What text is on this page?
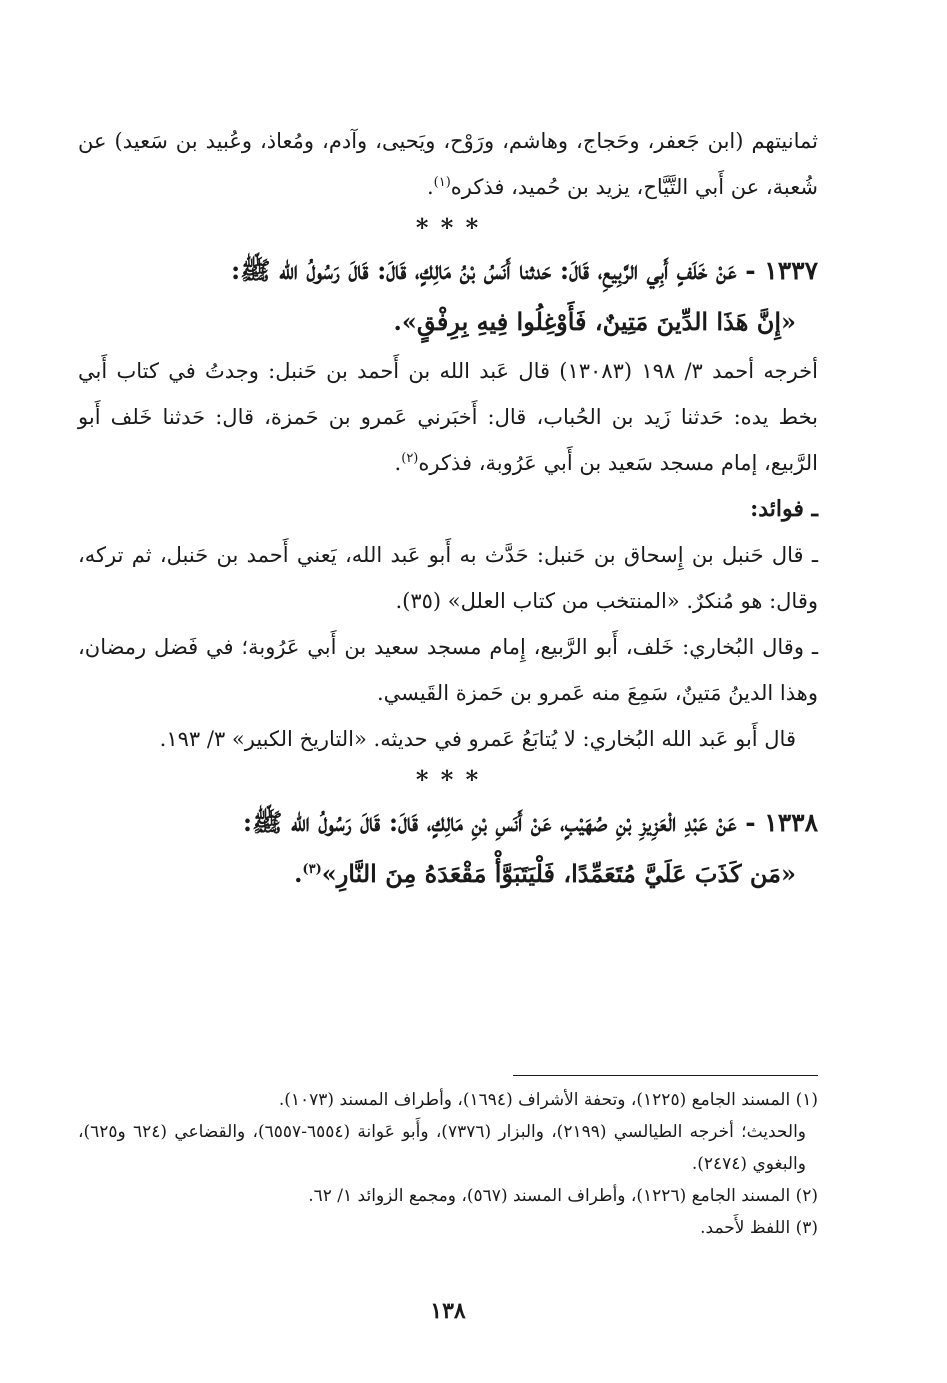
ثمانيتهم (ابن جَعفر، وحَجاج، وهاشم، ورَوْح، ويَحيى، وآدم، ومُعاذ، وعُبيد بن سَعيد) عن شُعبة، عن أَبي التَّيَّاح، يزيد بن حُميد، فذكره$^{(١)}$.

* * *

١٣٣٧ - عَنْ خَلَفٍ أَبِي الرَّبِيعِ، قَالَ: حَدثنا أَنَسُ بْنُ مَالِكٍ، قَالَ: قَالَ رَسُولُ الله ﷺ:

«إِنَّ هَذَا الدِّينَ مَتِينٌ، فَأَوْغِلُوا فِيهِ بِرِفْقٍ».

أخرجه أحمد ٣/ ١٩٨ (١٣٠٨٣) قال عَبد الله بن أَحمد بن حَنبل: وجدتُ في كتاب أَبي بخط يده: حَدثنا زَيد بن الحُباب، قال: أَخبَرني عَمرو بن حَمزة، قال: حَدثنا خَلف أَبو الرَّبيع، إمام مسجد سَعيد بن أَبي عَرُوبة، فذكره$^{(٢)}$.

ـ فوائد:

ـ قال حَنبل بن إِسحاق بن حَنبل: حَدَّث به أَبو عَبد الله، يَعني أَحمد بن حَنبل، ثم تركه، وقال: هو مُنكرٌ. «المنتخب من كتاب العلل» (٣٥).

ـ وقال البُخاري: خَلف، أَبو الرَّبيع، إِمام مسجد سعيد بن أَبي عَرُوبة؛ في فَضل رمضان، وهذا الدينُ مَتينٌ، سَمِعَ منه عَمرو بن حَمزة القَيسي.

قال أَبو عَبد الله البُخاري: لا يُتابَعُ عَمرو في حديثه. «التاريخ الكبير» ٣/ ١٩٣.

* * *

١٣٣٨ - عَنْ عَبْدِ الْعَزِيزِ بْنِ صُهَيْبٍ، عَنْ أَنَسِ بْنِ مَالِكٍ، قَالَ: قَالَ رَسُولُ الله ﷺ:

«مَن كَذَبَ عَلَيَّ مُتَعَمِّدًا، فَلْيَتَبَوَّأْ مَقْعَدَهُ مِنَ النَّارِ»$^{(٣)}$.

(١) المسند الجامع (١٢٢٥)، وتحفة الأشراف (١٦٩٤)، وأطراف المسند (١٠٧٣).

والحديث؛ أخرجه الطيالسي (٢١٩٩)، والبزار (٧٣٧٦)، وأَبو عَوانة (٦٥٥٤-٦٥٥٧)، والقضاعي (٦٢٤ و٦٢٥)، والبغوي (٢٤٧٤).

(٢) المسند الجامع (١٢٢٦)، وأطراف المسند (٥٦٧)، ومجمع الزوائد ١/ ٦٢.

(٣) اللفظ لأَحمد.

١٣٨
